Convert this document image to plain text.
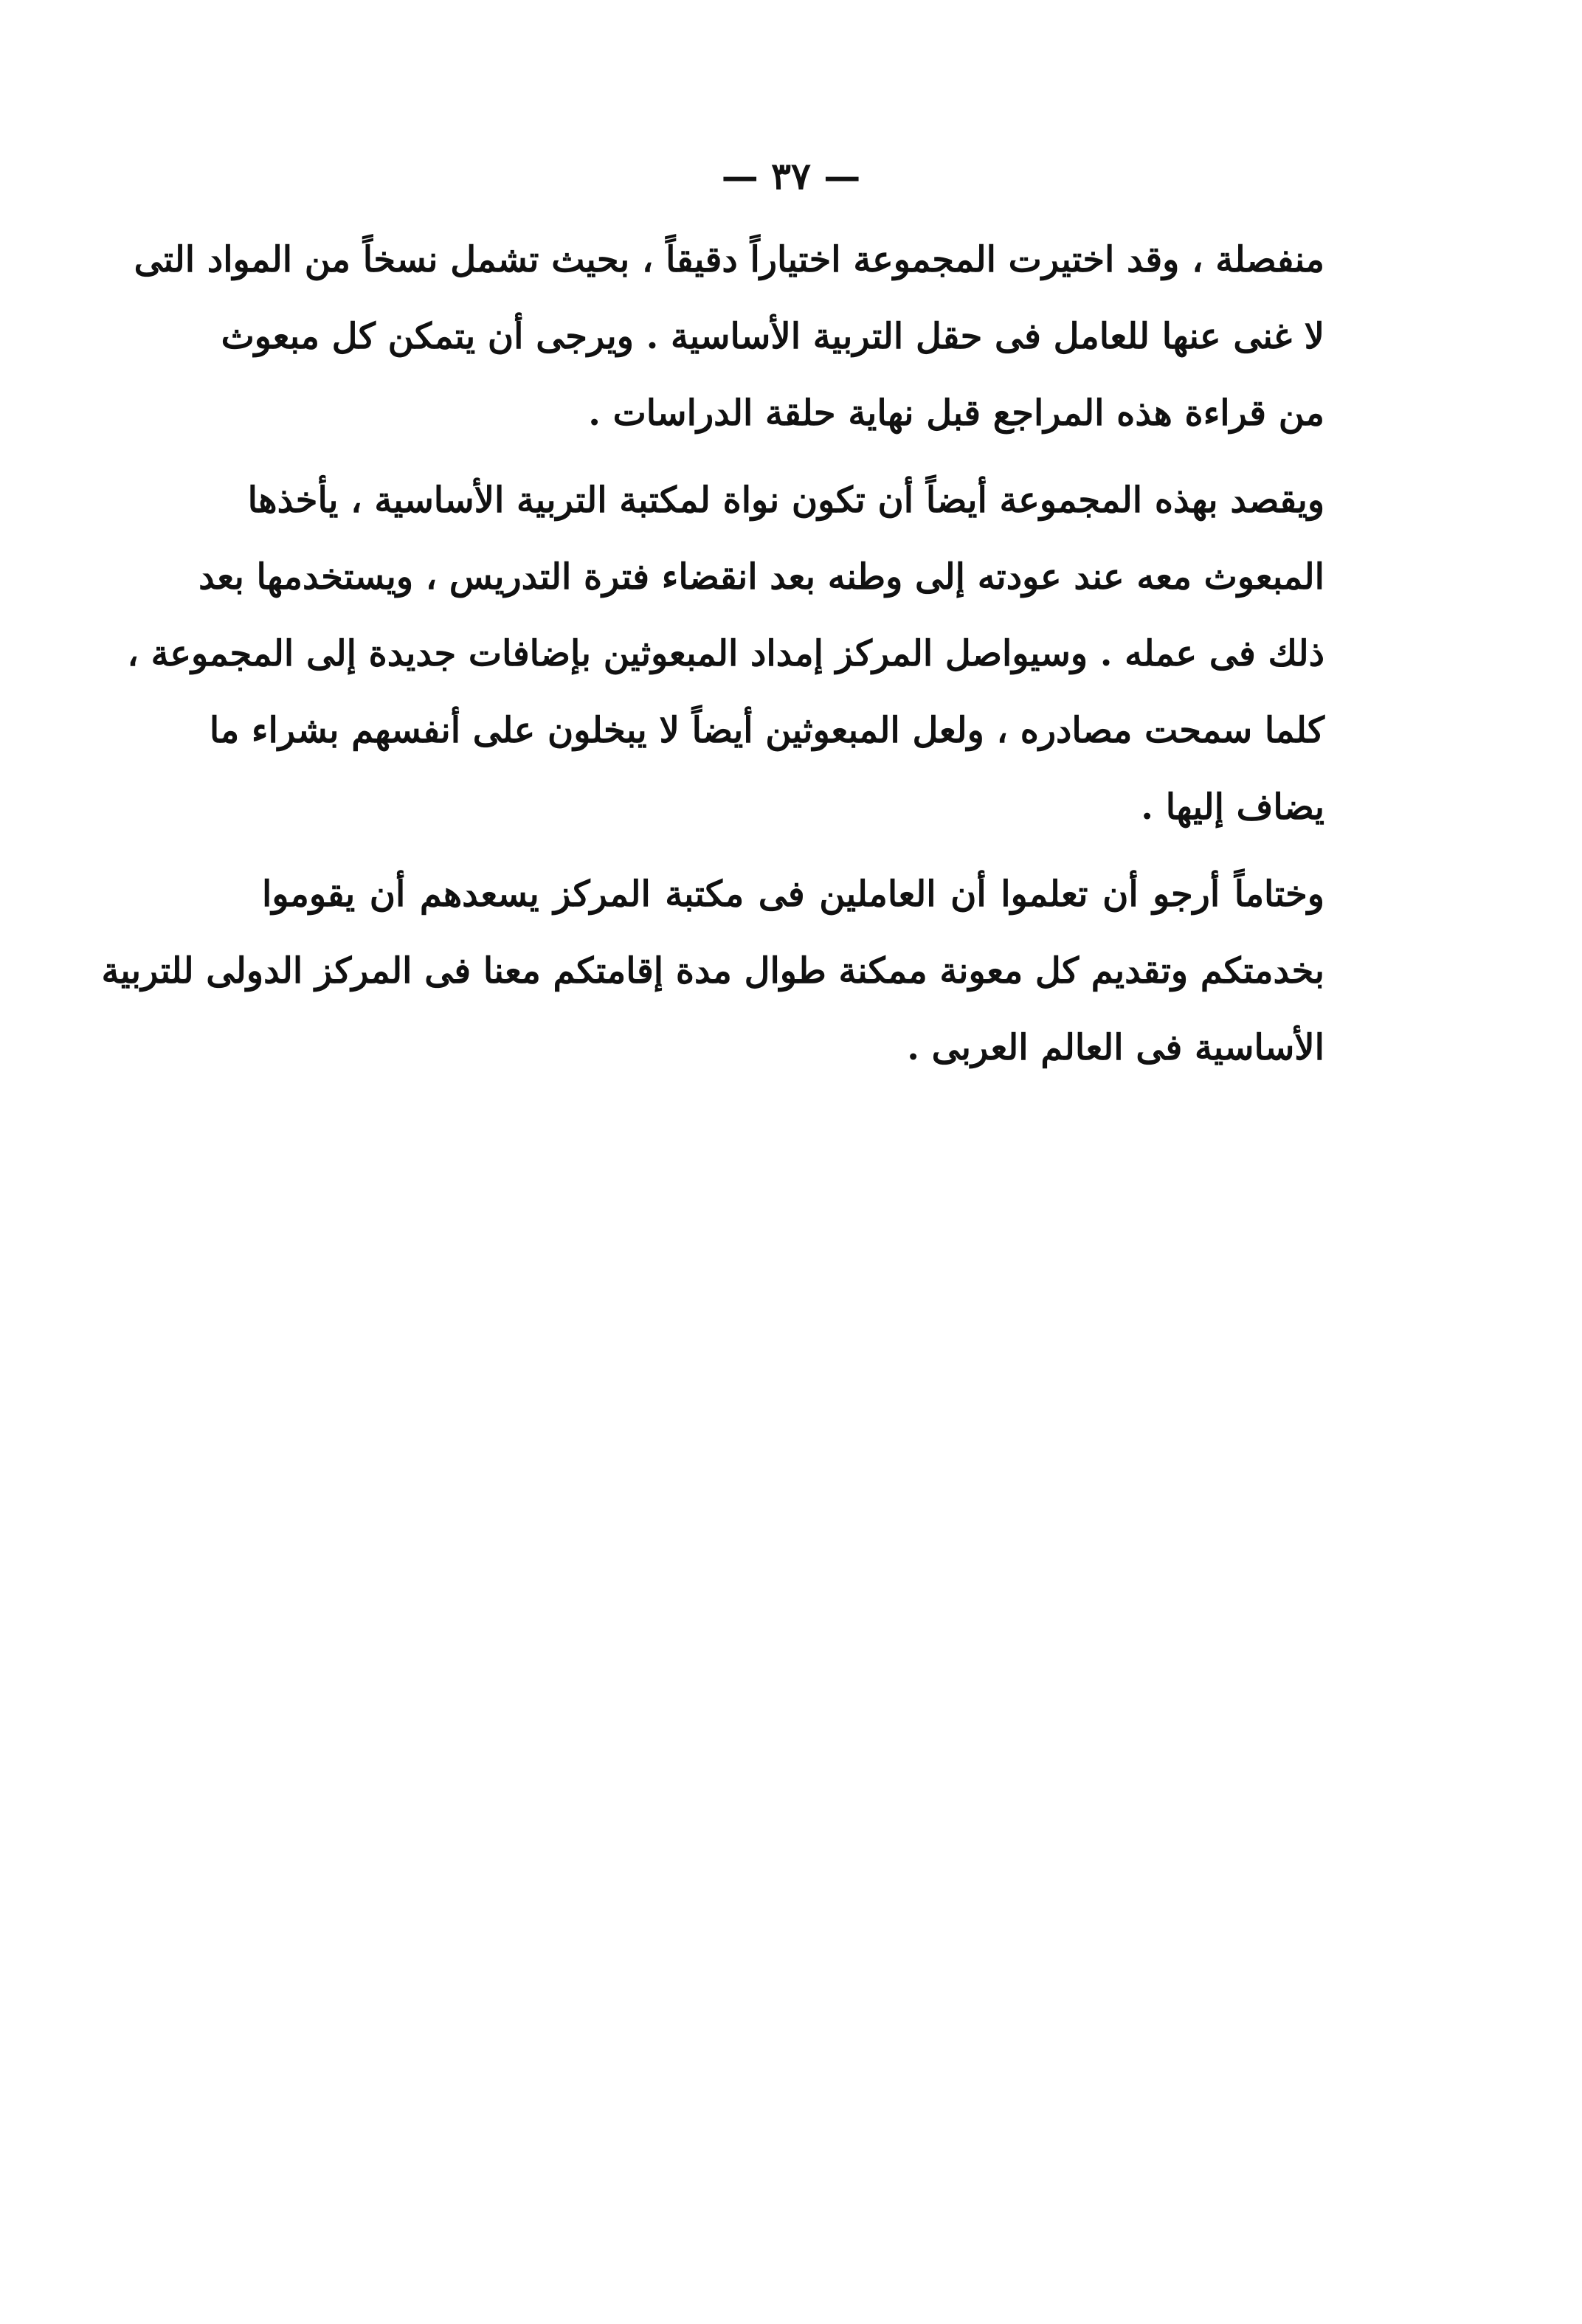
— ٣٧ —
منفصلة ، وقد اختيرت المجموعة اختياراً دقيقاً ، بحيث تشمل نسخاً من المواد التى
لا غنى عنها للعامل فى حقل التربية الأساسية . ويرجى أن يتمكن كل مبعوث
من قراءة هذه المراجع قبل نهاية حلقة الدراسات .
ويقصد بهذه المجموعة أيضاً أن تكون نواة لمكتبة التربية الأساسية ، يأخذها
المبعوث معه عند عودته إلى وطنه بعد انقضاء فترة التدريس ، ويستخدمها بعد
ذلك فى عمله . وسيواصل المركز إمداد المبعوثين بإضافات جديدة إلى المجموعة ،
كلما سمحت مصادره ، ولعل المبعوثين أيضاً لا يبخلون على أنفسهم بشراء ما
يضاف إليها .
وختاماً أرجو أن تعلموا أن العاملين فى مكتبة المركز يسعدهم أن يقوموا
بخدمتكم وتقديم كل معونة ممكنة طوال مدة إقامتكم معنا فى المركز الدولى للتربية
الأساسية فى العالم العربى .
